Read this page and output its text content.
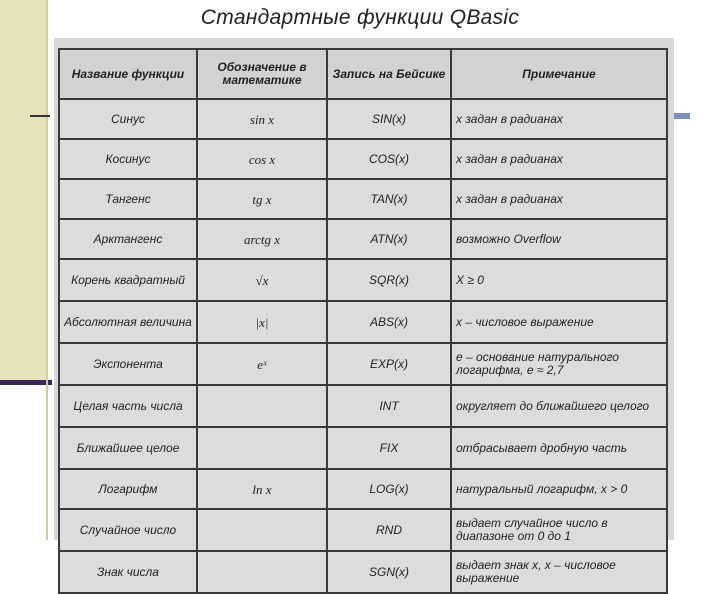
Стандартные функции QBasic
Название функции	Обозначение в математике	Запись на Бейсике	Примечание
Синус	sin x	SIN(x)	x задан в радианах
Косинус	cos x	COS(x)	x задан в радианах
Тангенс	tg x	TAN(x)	x задан в радианах
Арктангенс	arctg x	ATN(x)	возможно Overflow
Корень квадратный	√x	SQR(x)	X ≥ 0
Абсолютная величина	|x|	ABS(x)	x – числовое выражение
Экспонента	eˣ	EXP(x)	e – основание натурального логарифма, e ≈ 2,7
Целая часть числа		INT	округляет до ближайшего целого
Ближайшее целое		FIX	отбрасывает дробную часть
Логарифм	ln x	LOG(x)	натуральный логарифм, x > 0
Случайное число		RND	выдает случайное число в диапазоне от 0 до 1
Знак числа		SGN(x)	выдает знак x, x – числовое выражение
